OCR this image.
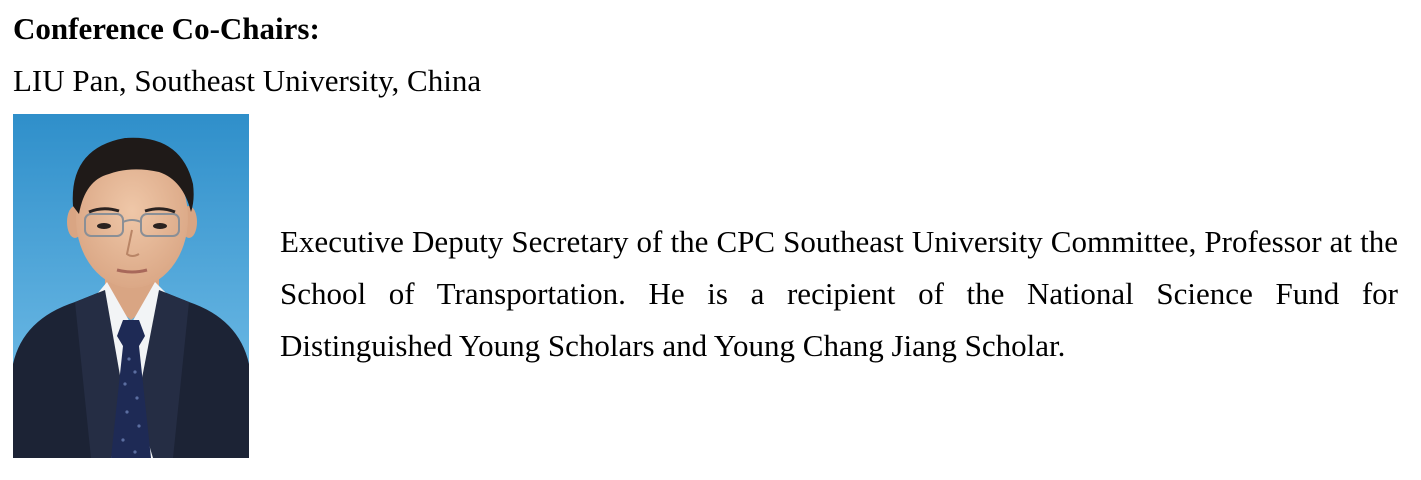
Conference Co-Chairs:

LIU Pan, Southeast University, China

Executive Deputy Secretary of the CPC Southeast University Committee, Professor at the School of Transportation. He is a recipient of the National Science Fund for Distinguished Young Scholars and Young Chang Jiang Scholar.
